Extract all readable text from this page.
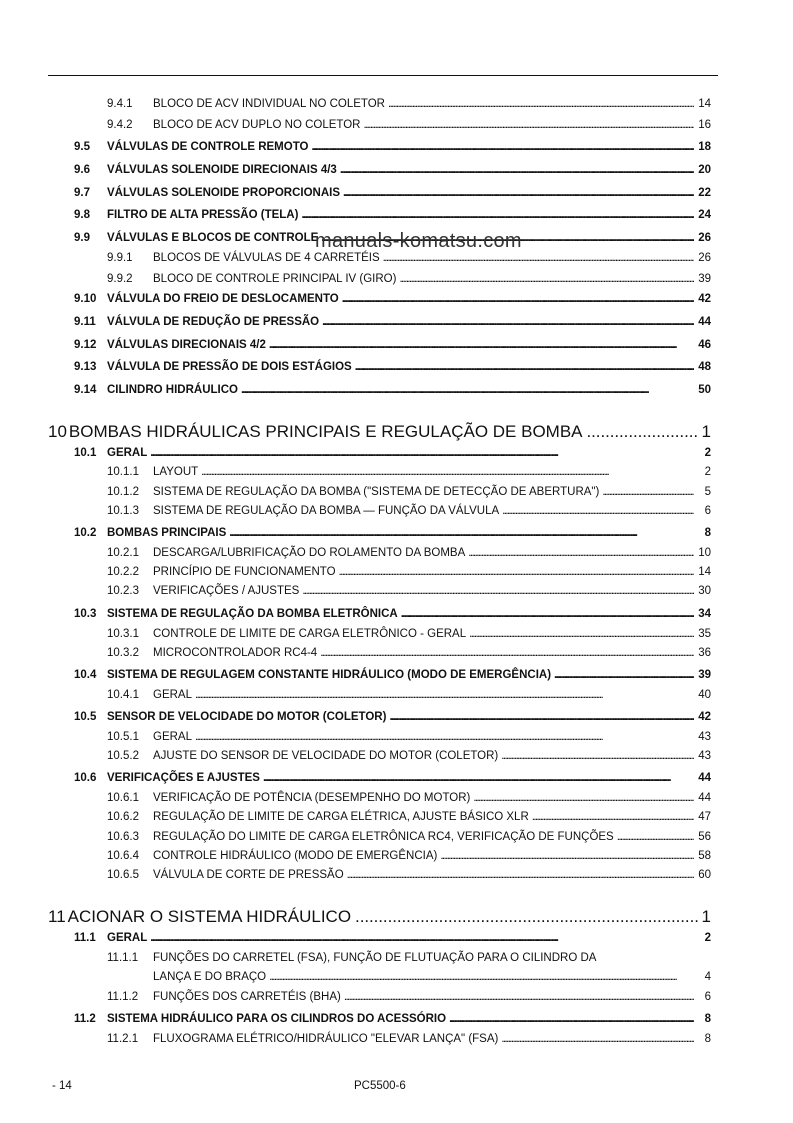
9.4.1	BLOCO DE ACV INDIVIDUAL NO COLETOR . . .	14
9.4.2	BLOCO DE ACV DUPLO NO COLETOR . . .	16
9.5	VÁLVULAS DE CONTROLE REMOTO . . .	18
9.6	VÁLVULAS SOLENOIDE DIRECIONAIS 4/3 . . .	20
9.7	VÁLVULAS SOLENOIDE PROPORCIONAIS . . .	22
9.8	FILTRO DE ALTA PRESSÃO (TELA) . . .	24
9.9	VÁLVULAS E BLOCOS DE CONTROLE . . .	26
9.9.1	BLOCOS DE VÁLVULAS DE 4 CARRETÉIS . . .	26
9.9.2	BLOCO DE CONTROLE PRINCIPAL IV (GIRO) . . .	39
9.10 VÁLVULA DO FREIO DE DESLOCAMENTO . . .	42
9.11 VÁLVULA DE REDUÇÃO DE PRESSÃO . . .	44
9.12 VÁLVULAS DIRECIONAIS 4/2 . . .	46
9.13 VÁLVULA DE PRESSÃO DE DOIS ESTÁGIOS . . .	48
9.14 CILINDRO HIDRÁULICO . . .	50
10 BOMBAS HIDRÁULICAS PRINCIPAIS E REGULAÇÃO DE BOMBA . . .	1
10.1 GERAL . . .	2
10.1.1	LAYOUT . . .	2
10.1.2	SISTEMA DE REGULAÇÃO DA BOMBA ("SISTEMA DE DETECÇÃO DE ABERTURA") . . .	5
10.1.3	SISTEMA DE REGULAÇÃO DA BOMBA — FUNÇÃO DA VÁLVULA . . .	6
10.2 BOMBAS PRINCIPAIS . . .	8
10.2.1	DESCARGA/LUBRIFICAÇÃO DO ROLAMENTO DA BOMBA . . .	10
10.2.2	PRINCÍPIO DE FUNCIONAMENTO . . .	14
10.2.3	VERIFICAÇÕES / AJUSTES . . .	30
10.3 SISTEMA DE REGULAÇÃO DA BOMBA ELETRÔNICA . . .	34
10.3.1	CONTROLE DE LIMITE DE CARGA ELETRÔNICO - GERAL . . .	35
10.3.2	MICROCONTROLADOR RC4-4 . . .	36
10.4 SISTEMA DE REGULAGEM CONSTANTE HIDRÁULICO (MODO DE EMERGÊNCIA) . . .	39
10.4.1	GERAL . . .	40
10.5 SENSOR DE VELOCIDADE DO MOTOR (COLETOR) . . .	42
10.5.1	GERAL . . .	43
10.5.2	AJUSTE DO SENSOR DE VELOCIDADE DO MOTOR (COLETOR) . . .	43
10.6 VERIFICAÇÕES E AJUSTES . . .	44
10.6.1	VERIFICAÇÃO DE POTÊNCIA (DESEMPENHO DO MOTOR) . . .	44
10.6.2	REGULAÇÃO DE LIMITE DE CARGA ELÉTRICA, AJUSTE BÁSICO XLR . . .	47
10.6.3	REGULAÇÃO DO LIMITE DE CARGA ELETRÔNICA RC4, VERIFICAÇÃO DE FUNÇÕES . . .	56
10.6.4	CONTROLE HIDRÁULICO (MODO DE EMERGÊNCIA) . . .	58
10.6.5	VÁLVULA DE CORTE DE PRESSÃO . . .	60
11 ACIONAR O SISTEMA HIDRÁULICO . . .	1
11.1 GERAL . . .	2
11.1.1	FUNÇÕES DO CARRETEL (FSA), FUNÇÃO DE FLUTUAÇÃO PARA O CILINDRO DA
LANÇA E DO BRAÇO . . .	4
11.1.2	FUNÇÕES DOS CARRETÉIS (BHA) . . .	6
11.2 SISTEMA HIDRÁULICO PARA OS CILINDROS DO ACESSÓRIO . . .	8
11.2.1	FLUXOGRAMA ELÉTRICO/HIDRÁULICO "ELEVAR LANÇA" (FSA) . . .	8
manuals-komatsu.com
- 14	PC5500-6
